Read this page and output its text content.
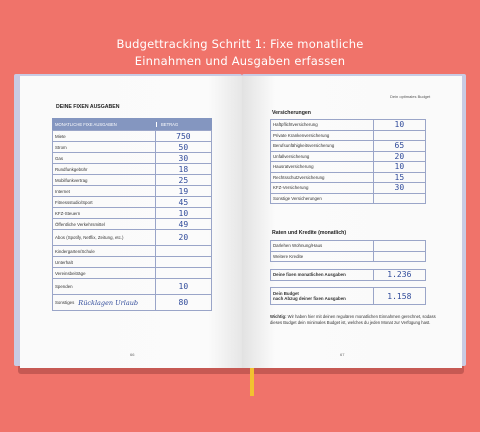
Budgettracking Schritt 1: Fixe monatliche
Einnahmen und Ausgaben erfassen
DEINE FIXEN AUSGABEN
MONATLICHE FIXE AUSGABEN	BETRAG
Miete	750
Strom	50
Gas	30
Rundfunkgebühr	18
Mobilfunkvertrag	25
Internet	19
Fitnessstudio/Sport	45
KFZ-Steuern	10
Öffentliche Verkehrsmittel	49
Abos (Spotify, Netflix, Zeitung, etc.)	20
Kindergarten/Schule
Unterhalt
Vereinsbeiträge
Spenden	10
Sonstiges Rücklagen Urlaub	80
66
Dein optimales Budget
Versicherungen
Haftpflichtversicherung	10
Private Krankenversicherung
Berufsunfähigkeitsversicherung	65
Unfallversicherung	20
Hausratversicherung	10
Rechtsschutzversicherung	15
KFZ-Versicherung	30
Sonstige Versicherungen
Raten und Kredite (monatlich)
Darlehen Wohnung/Haus
Weitere Kredite
Deine fixen monatlichen Ausgaben	1.236
Dein Budget
nach Abzug deiner fixen Ausgaben	1.158
Wichtig: Wir haben hier mit deinen regulären monatlichen Einnahmen gerechnet, sodass dieses Budget dein minimales Budget ist, welches du jeden Monat zur Verfügung hast.
67
